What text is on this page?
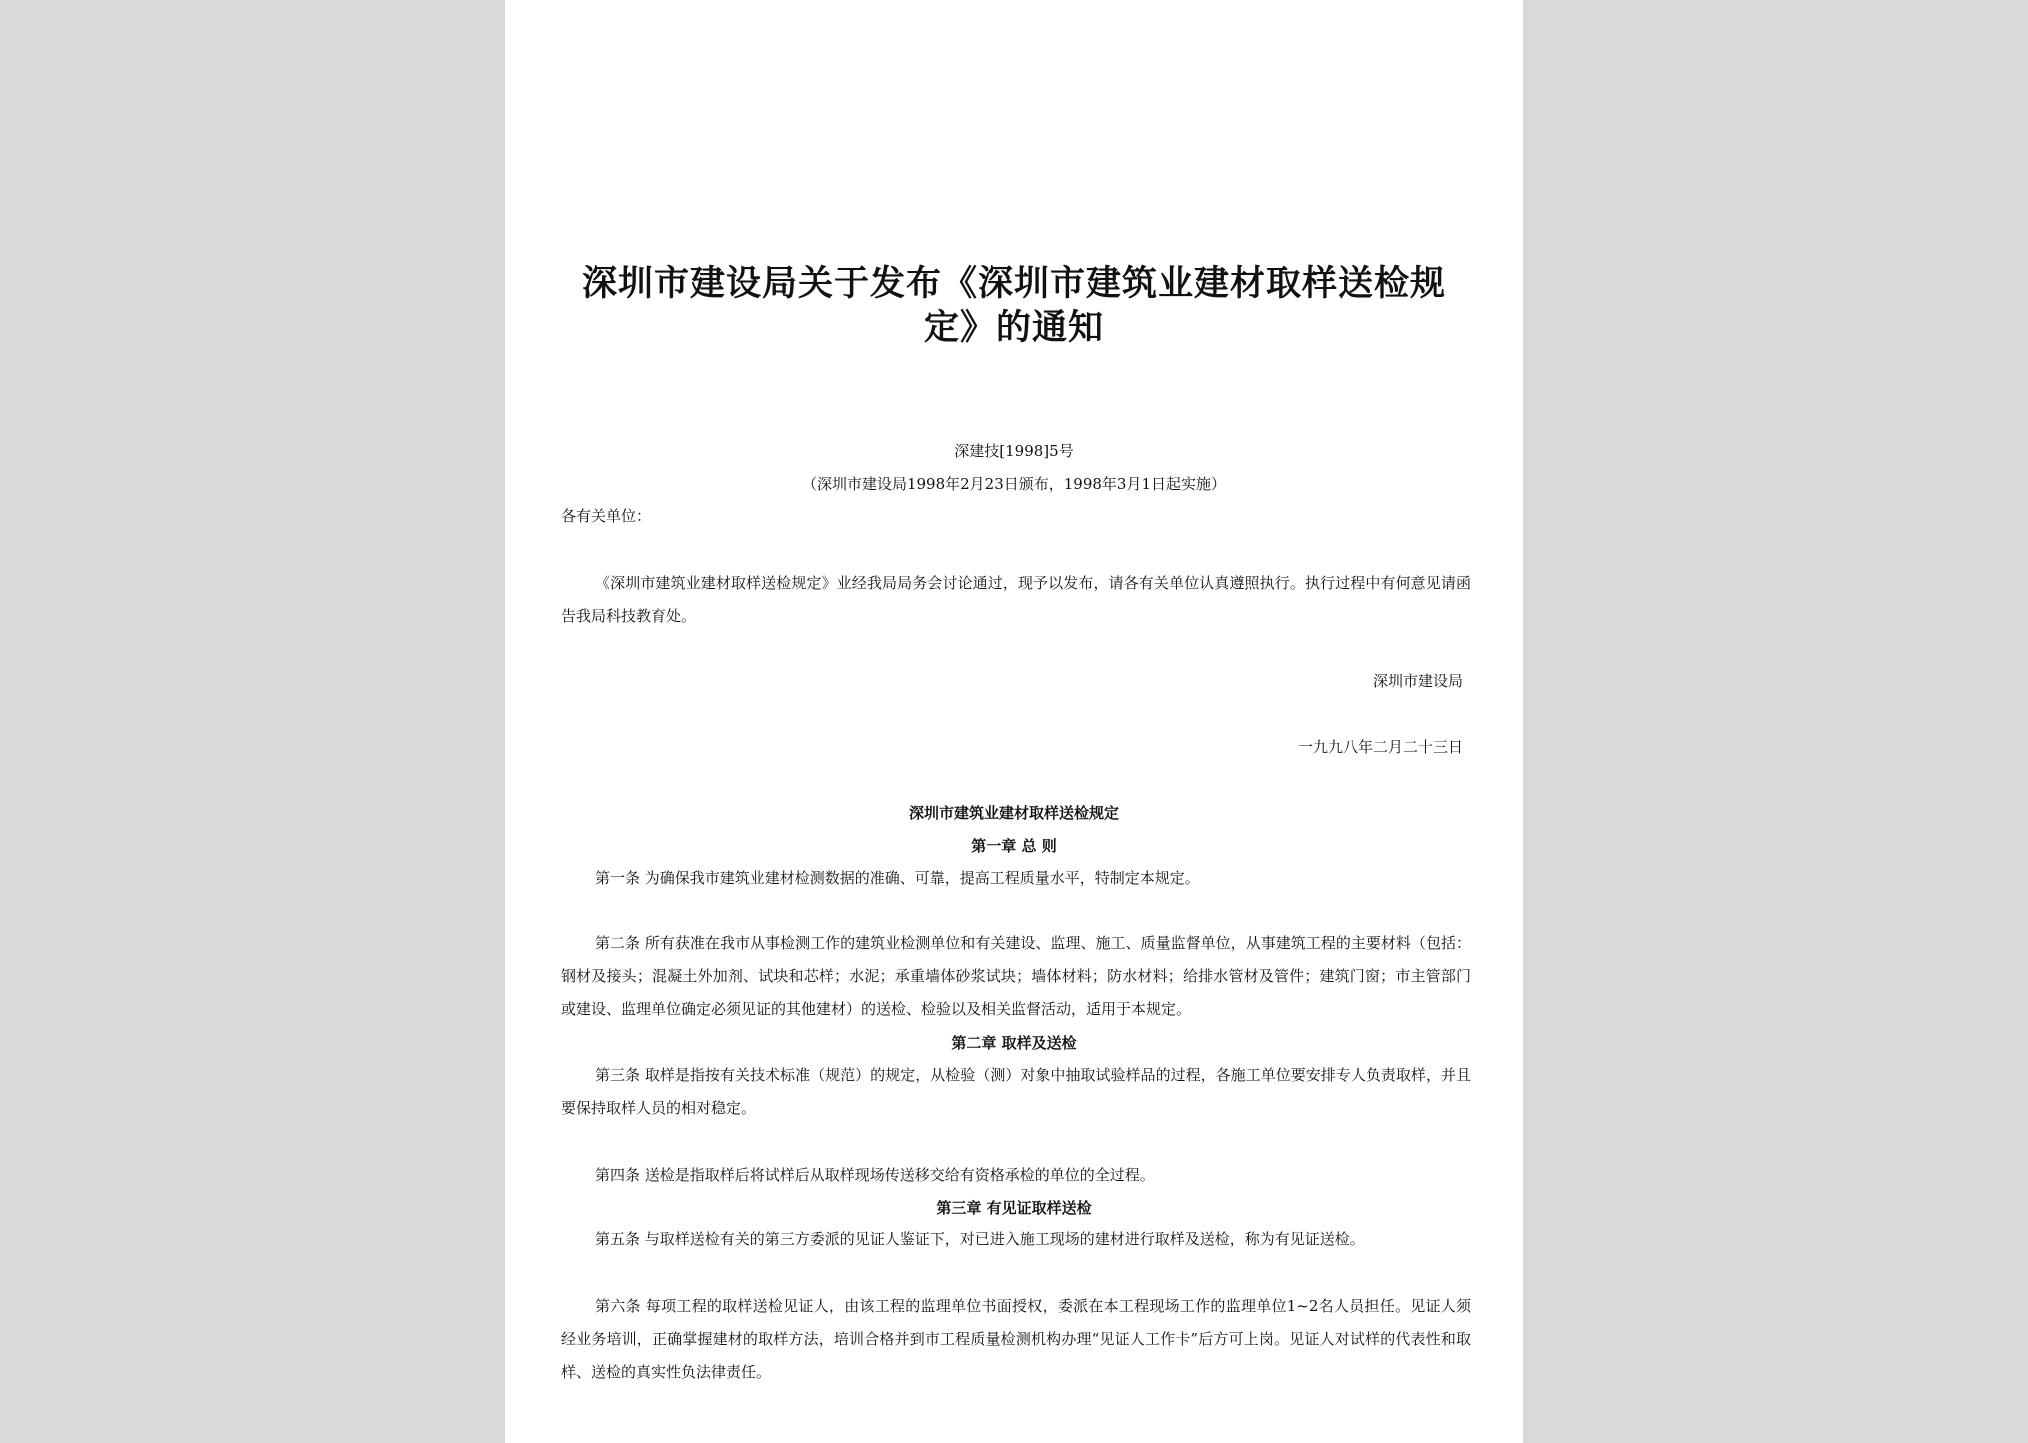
深圳市建设局关于发布《深圳市建筑业建材取样送检规
定》的通知
深建技[1998]5号
（深圳市建设局1998年2月23日颁布，1998年3月1日起实施）
各有关单位：
《深圳市建筑业建材取样送检规定》业经我局局务会讨论通过，现予以发布，请各有关单位认真遵照执行。执行过程中有何意见请函告我局科技教育处。
深圳市建设局
一九九八年二月二十三日
深圳市建筑业建材取样送检规定
第一章 总 则
第一条 为确保我市建筑业建材检测数据的准确、可靠，提高工程质量水平，特制定本规定。
第二条 所有获准在我市从事检测工作的建筑业检测单位和有关建设、监理、施工、质量监督单位，从事建筑工程的主要材料（包括：钢材及接头；混凝土外加剂、试块和芯样；水泥；承重墙体砂浆试块；墙体材料；防水材料；给排水管材及管件；建筑门窗；市主管部门或建设、监理单位确定必须见证的其他建材）的送检、检验以及相关监督活动，适用于本规定。
第二章 取样及送检
第三条 取样是指按有关技术标准（规范）的规定，从检验（测）对象中抽取试验样品的过程，各施工单位要安排专人负责取样，并且要保持取样人员的相对稳定。
第四条 送检是指取样后将试样后从取样现场传送移交给有资格承检的单位的全过程。
第三章 有见证取样送检
第五条 与取样送检有关的第三方委派的见证人鉴证下，对已进入施工现场的建材进行取样及送检，称为有见证送检。
第六条 每项工程的取样送检见证人，由该工程的监理单位书面授权，委派在本工程现场工作的监理单位1~2名人员担任。见证人须经业务培训，正确掌握建材的取样方法，培训合格并到市工程质量检测机构办理“见证人工作卡”后方可上岗。见证人对试样的代表性和取样、送检的真实性负法律责任。
